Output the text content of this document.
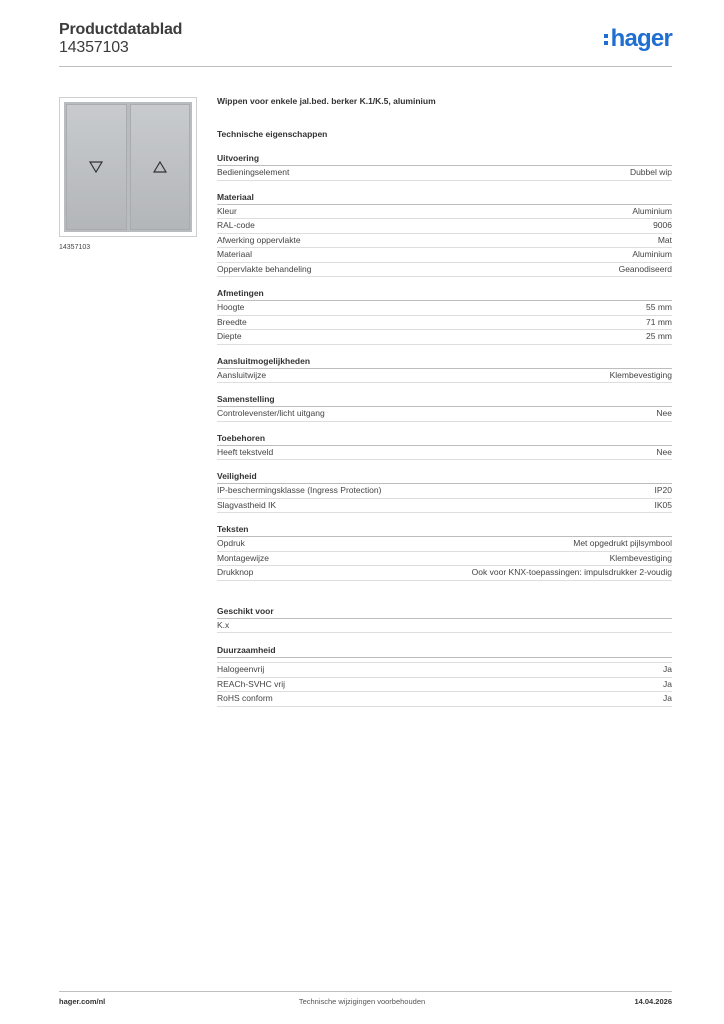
Productdatablad
14357103	hager
14357103
Wippen voor enkele jal.bed. berker K.1/K.5, aluminium
Technische eigenschappen
Uitvoering
Bedieningselement	Dubbel wip
Materiaal
Kleur	Aluminium
RAL-code	9006
Afwerking oppervlakte	Mat
Materiaal	Aluminium
Oppervlakte behandeling	Geanodiseerd
Afmetingen
Hoogte	55 mm
Breedte	71 mm
Diepte	25 mm
Aansluitmogelijkheden
Aansluitwijze	Klembevestiging
Samenstelling
Controlevenster/licht uitgang	Nee
Toebehoren
Heeft tekstveld	Nee
Veiligheid
IP-beschermingsklasse (Ingress Protection)	IP20
Slagvastheid IK	IK05
Teksten
Opdruk	Met opgedrukt pijlsymbool
Montagewijze	Klembevestiging
Drukknop	Ook voor KNX-toepassingen: impulsdrukker 2-voudig
Geschikt voor
K.x
Duurzaamheid
Halogeenvrij	Ja
REACh-SVHC vrij	Ja
RoHS conform	Ja
hager.com/nl	Technische wijzigingen voorbehouden	14.04.2026
